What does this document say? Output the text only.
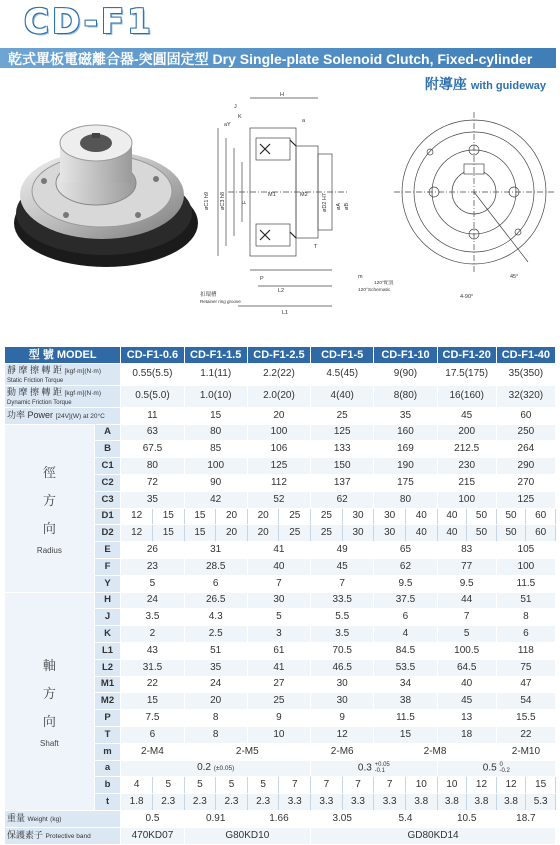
CD-F1
乾式單板電磁離合器-突圓固定型 Dry Single-plate Solenoid Clutch, Fixed-cylinder
附導座 with guideway
H
J
K
aY
a
øC1 h9 øC3 h8	F
M1	M2	øD2 H7 øA øB
T
P
L2
L1
扣環槽
Retainer ring groove
m
120°配置
120°Schematic
45°
4-90°
型 號 MODEL		CD-F1-0.6		CD-F1-1.5		CD-F1-2.5		CD-F1-5		CD-F1-10		CD-F1-20		CD-F1-40	
靜 摩 擦 轉 距 [kgf·m](N·m)
Static Friction Torque		0.55(5.5)		1.1(11)		2.2(22)		4.5(45)		9(90)		17.5(175)		35(350)	
動 摩 擦 轉 距 [kgf·m](N·m)
Dynamic Friction Torque		0.5(5.0)		1.0(10)		2.0(20)		4(40)		8(80)		16(160)		32(320)	
功率 Power [24V](W) at 20°C		11		15		20		25		35		45		60	

徑
方
向
Radius	A	63		80		100		125		160		200		250	
	B	67.5		85		106		133		169		212.5		264	
	C1	80		100		125		150		190		230		290	
	C2	72		90		112		137		175		215		270	
	C3	35		42		52		62		80		100		125	
	D1	12	15	15	20	20	25	25	30	30	40	40	50	50	60
	D2	12	15	15	20	20	25	25	30	30	40	40	50	50	60
	E	26		31		41		49		65		83		105	
	F	23		28.5		40		45		62		77		100	
	Y	5		6		7		7		9.5		9.5		11.5	

軸
方
向
Shaft	H	24		26.5		30		33.5		37.5		44		51	
	J	3.5		4.3		5		5.5		6		7		8	
	K	2		2.5		3		3.5		4		5		6	
	L1	43		51		61		70.5		84.5		100.5		118	
	L2	31.5		35		41		46.5		53.5		64.5		75	
	M1	22		24		27		30		34		40		47	
	M2	15		20		25		30		38		45		54	
	P	7.5		8		9		9		11.5		13		15.5	
	T	6		8		10		12		15		18		22	
	m	2-M4		2-M5				2-M6		2-M8				2-M10	
	a	0.2 (±0.05)						0.3 +0.05
-0.1				0.5 0
-0.2			
	b	4	5	5	5	5	7	7	7	7	10	10	12	12	15
	t	1.8	2.3	2.3	2.3	2.3	3.3	3.3	3.3	3.3	3.8	3.8	3.8	3.8	5.3
重量 Weight (kg)		0.5		0.91		1.66		3.05		5.4		10.5		18.7	
保護素子 Protective band		470KD07		G80KD10				GD80KD14							
